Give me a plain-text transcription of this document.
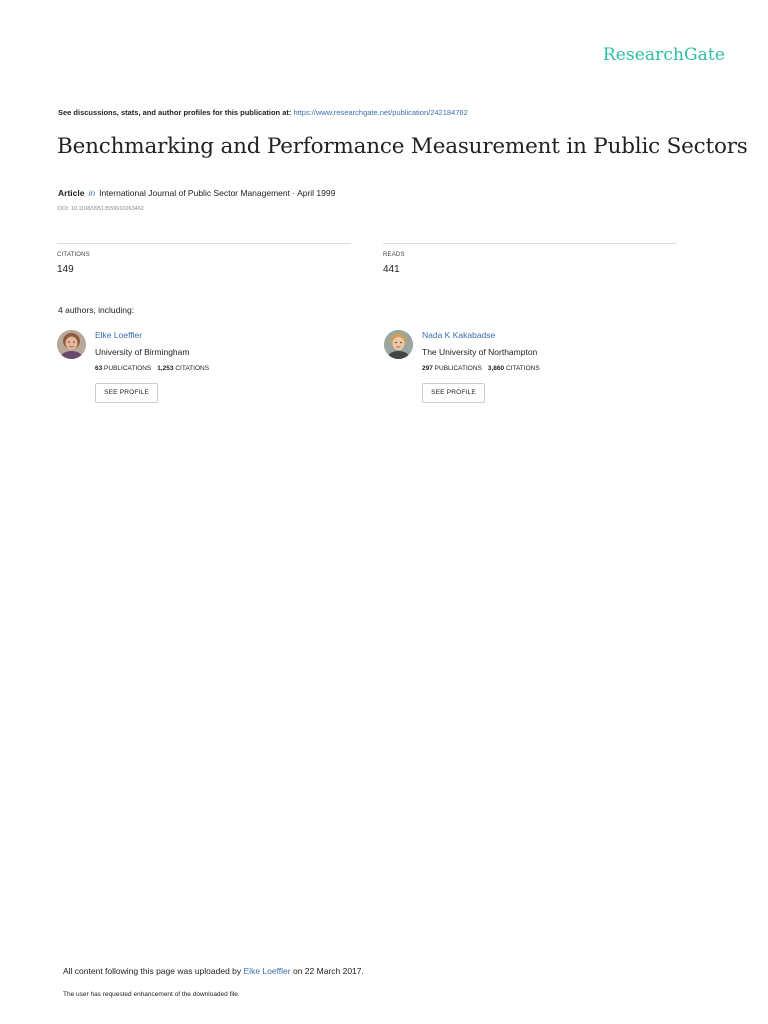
ResearchGate
See discussions, stats, and author profiles for this publication at: https://www.researchgate.net/publication/242184762
Benchmarking and Performance Measurement in Public Sectors
Article in International Journal of Public Sector Management · April 1999
DOI: 10.1108/09513559910263462
CITATIONS
149
READS
441
4 authors, including:
Elke Loeffler
University of Birmingham
63 PUBLICATIONS 1,253 CITATIONS
SEE PROFILE
Nada K Kakabadse
The University of Northampton
297 PUBLICATIONS 3,860 CITATIONS
SEE PROFILE
All content following this page was uploaded by Elke Loeffler on 22 March 2017.
The user has requested enhancement of the downloaded file.
